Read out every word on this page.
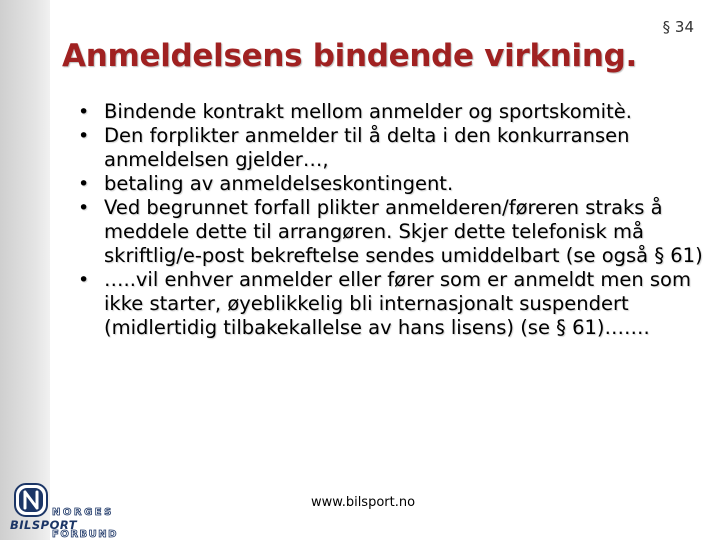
§ 34
Anmeldelsens bindende virkning.
• Bindende kontrakt mellom anmelder og sportskomitè.
• Den forplikter anmelder til å delta i den konkurransen anmeldelsen gjelder…,
• betaling av anmeldelseskontingent.
• Ved begrunnet forfall plikter anmelderen/føreren straks å meddele dette til arrangøren. Skjer dette telefonisk må skriftlig/e-post bekreftelse sendes umiddelbart (se også § 61)
• …..vil enhver anmelder eller fører som er anmeldt men som ikke starter, øyeblikkelig bli internasjonalt suspendert (midlertidig tilbakekallelse av hans lisens) (se § 61)…….
www.bilsport.no
NORGES
BILSPORT
FORBUND
